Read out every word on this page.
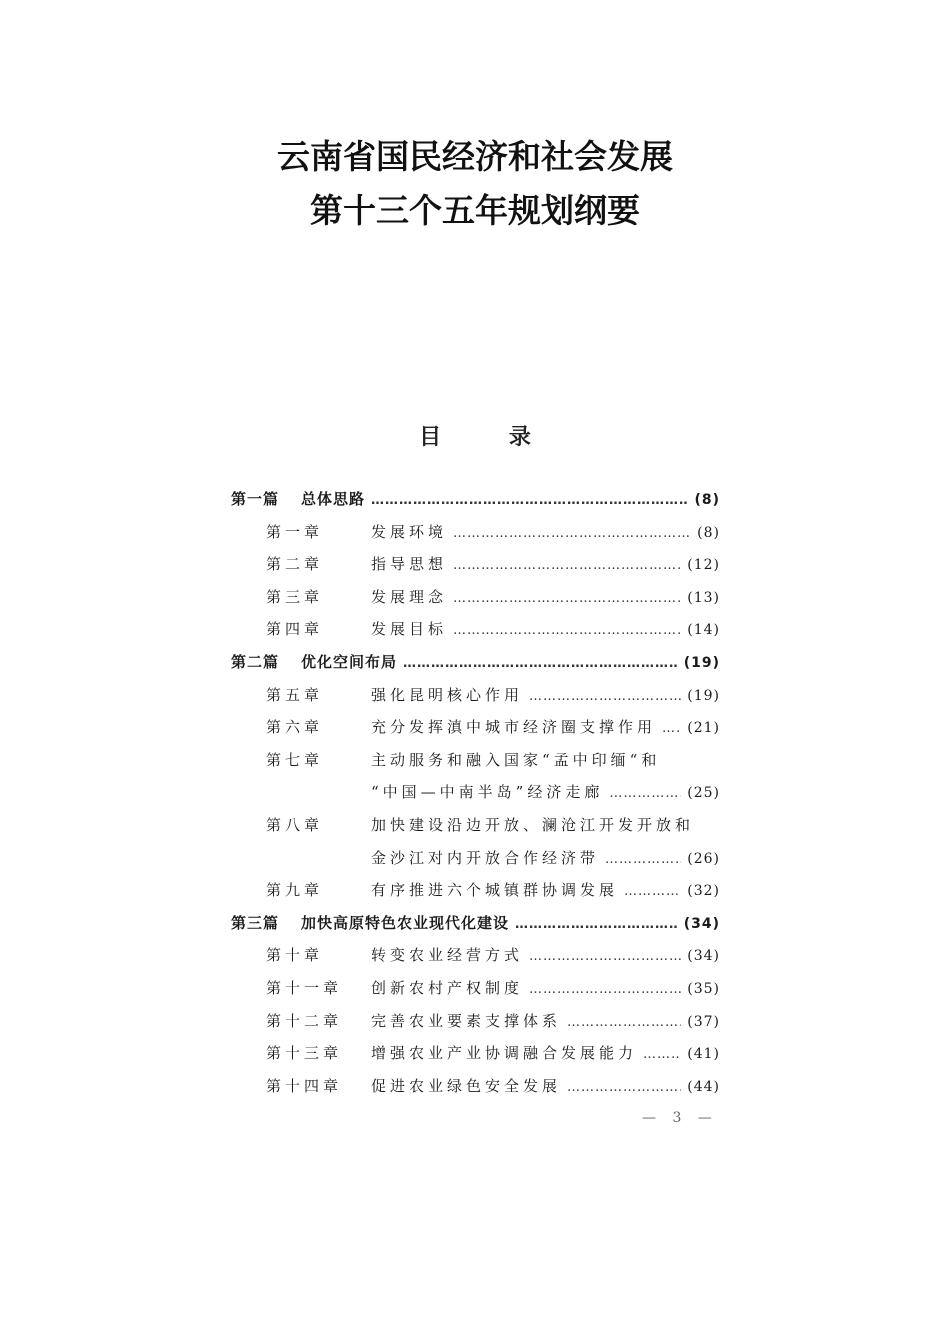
云南省国民经济和社会发展
第十三个五年规划纲要
目 录
第一篇	总体思路 ……………………………………………………………………………………………………………………………………………………	(8)
第一章	发展环境 ……………………………………………………………………………………………………………………………………………………	(8)
第二章	指导思想 ……………………………………………………………………………………………………………………………………………………	(12)
第三章	发展理念 ……………………………………………………………………………………………………………………………………………………	(13)
第四章	发展目标 ……………………………………………………………………………………………………………………………………………………	(14)
第二篇	优化空间布局 ……………………………………………………………………………………………………………………………………………………	(19)
第五章	强化昆明核心作用 ……………………………………………………………………………………………………………………………………………………	(19)
第六章	充分发挥滇中城市经济圈支撑作用 …………………………………………………………………………………………………………………………………………………… (21)
第七章	主动服务和融入国家“孟中印缅“和
“中国—中南半岛”经济走廊 ……………………………………………………………………………………………………………………………………………………	(25)
第八章	加快建设沿边开放、澜沧江开发开放和
金沙江对内开放合作经济带 ……………………………………………………………………………………………………………………………………………………	(26)
第九章	有序推进六个城镇群协调发展 ……………………………………………………………………………………………………………………………………………………	(32)
第三篇	加快高原特色农业现代化建设 ……………………………………………………………………………………………………………………………………………………	(34)
第十章	转变农业经营方式 ……………………………………………………………………………………………………………………………………………………	(34)
第十一章	创新农村产权制度 ……………………………………………………………………………………………………………………………………………………	(35)
第十二章	完善农业要素支撑体系 ……………………………………………………………………………………………………………………………………………………	(37)
第十三章	增强农业产业协调融合发展能力 ……………………………………………………………………………………………………………………………………………………	(41)
第十四章	促进农业绿色安全发展 ……………………………………………………………………………………………………………………………………………………	(44)
— 3 —
